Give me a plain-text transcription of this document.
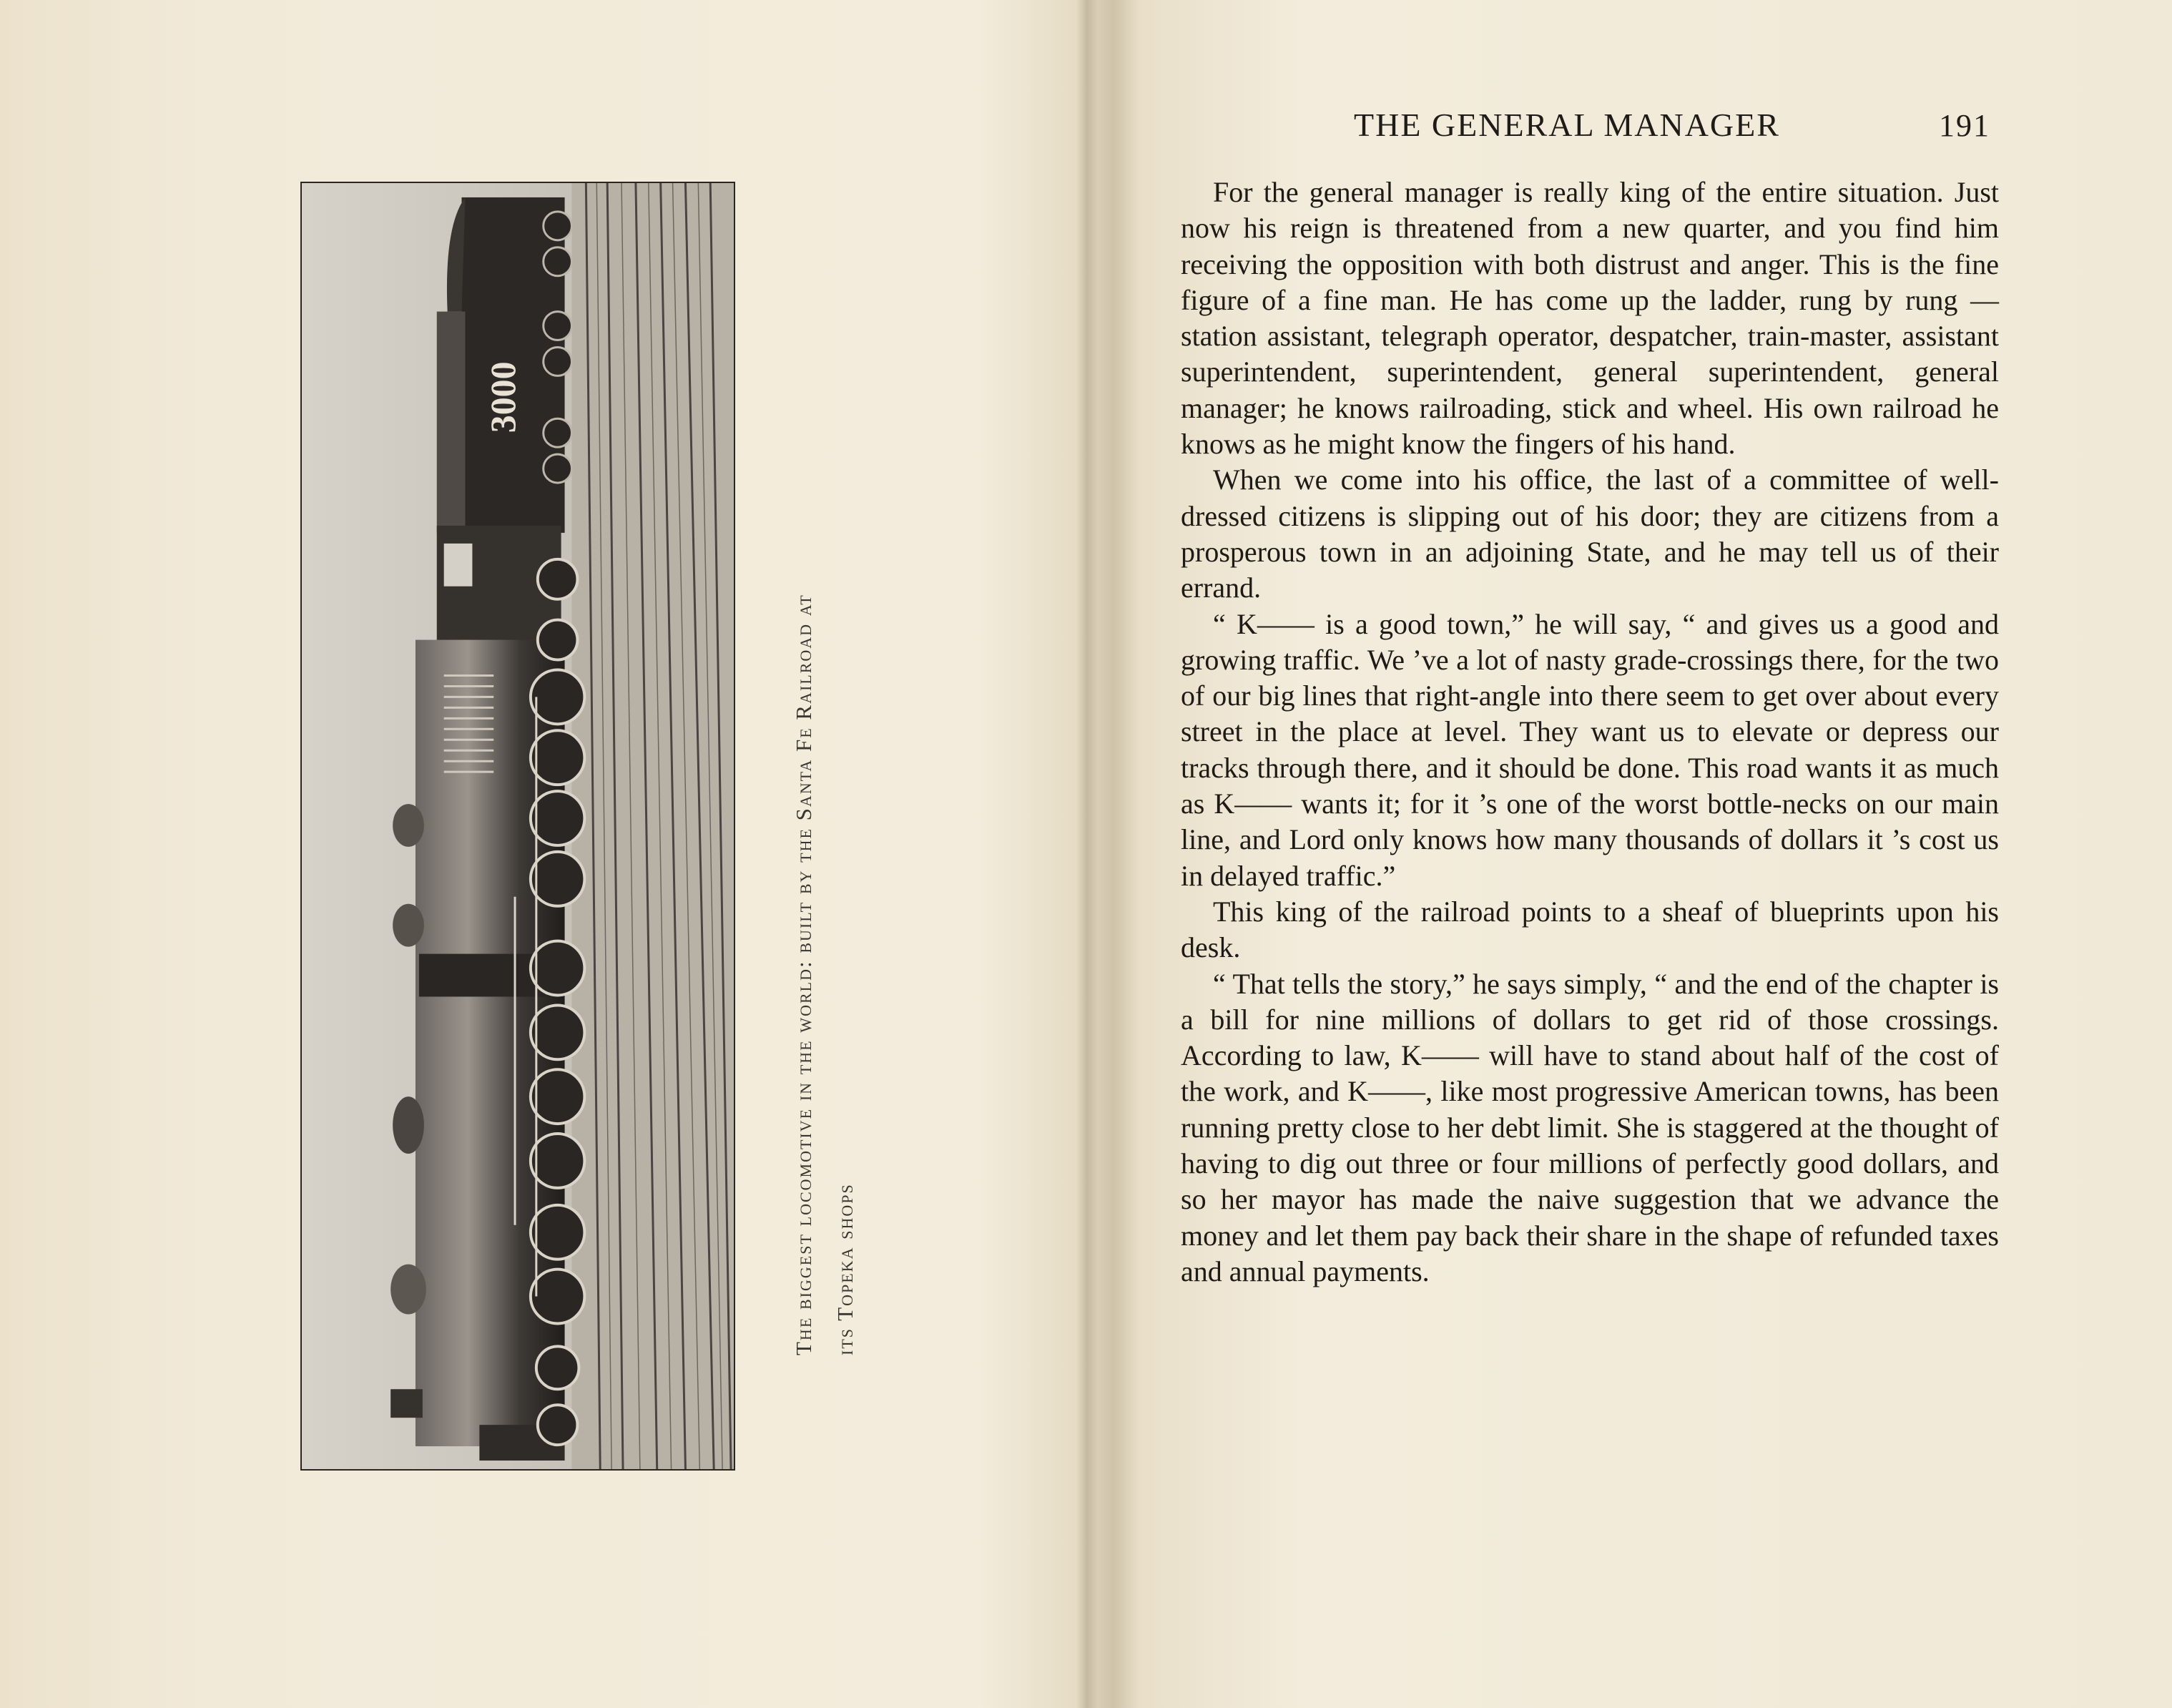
3000
The biggest locomotive in the world: built by the Santa Fe Railroad at its Topeka shops
THE GENERAL MANAGER	191

For the general manager is really king of the entire situation. Just now his reign is threatened from a new quarter, and you find him receiving the opposition with both distrust and anger. This is the fine figure of a fine man. He has come up the ladder, rung by rung — station assistant, telegraph operator, despatcher, train-master, assistant superintendent, superintendent, general superintendent, general manager; he knows railroading, stick and wheel. His own railroad he knows as he might know the fingers of his hand.

When we come into his office, the last of a committee of well-dressed citizens is slipping out of his door; they are citizens from a prosperous town in an adjoining State, and he may tell us of their errand.

“ K—— is a good town,” he will say, “ and gives us a good and growing traffic. We ’ve a lot of nasty grade-crossings there, for the two of our big lines that right-angle into there seem to get over about every street in the place at level. They want us to elevate or depress our tracks through there, and it should be done. This road wants it as much as K—— wants it; for it ’s one of the worst bottle-necks on our main line, and Lord only knows how many thousands of dollars it ’s cost us in delayed traffic.”

This king of the railroad points to a sheaf of blueprints upon his desk.

“ That tells the story,” he says simply, “ and the end of the chapter is a bill for nine millions of dollars to get rid of those crossings. According to law, K—— will have to stand about half of the cost of the work, and K——, like most progressive American towns, has been running pretty close to her debt limit. She is staggered at the thought of having to dig out three or four millions of perfectly good dollars, and so her mayor has made the naive suggestion that we advance the money and let them pay back their share in the shape of refunded taxes and annual payments.
